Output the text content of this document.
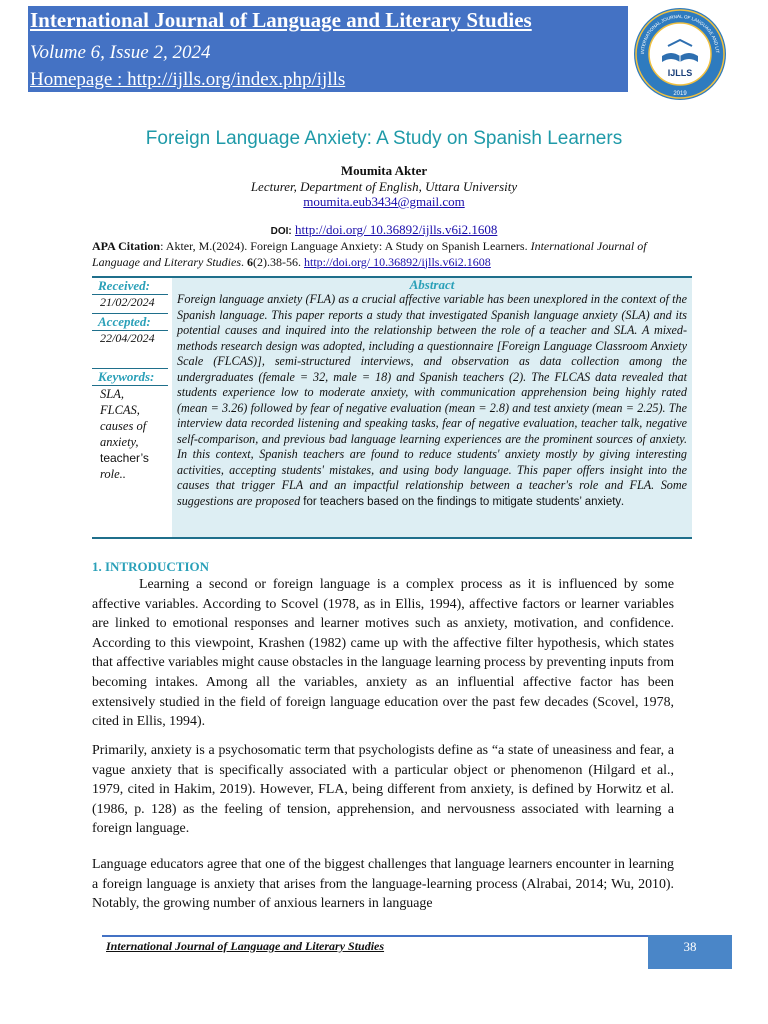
International Journal of Language and Literary Studies
Volume 6, Issue 2, 2024
Homepage : http://ijlls.org/index.php/ijlls	IJLLS
2019
INTERNATIONAL JOURNAL OF LANGUAGE AND LIT
Foreign Language Anxiety: A Study on Spanish Learners
Moumita Akter
Lecturer, Department of English, Uttara University
moumita.eub3434@gmail.com
DOI: http://doi.org/ 10.36892/ijlls.v6i2.1608
APA Citation: Akter, M.(2024). Foreign Language Anxiety: A Study on Spanish Learners. International Journal of Language and Literary Studies. 6(2).38-56. http://doi.org/ 10.36892/ijlls.v6i2.1608
Received:
21/02/2024
Accepted:
22/04/2024
Keywords:
SLA,
FLCAS,
causes of
anxiety,
teacher’s
role..
Abstract
Foreign language anxiety (FLA) as a crucial affective variable has been unexplored in the context of the Spanish language. This paper reports a study that investigated Spanish language anxiety (SLA) and its potential causes and inquired into the relationship between the role of a teacher and SLA. A mixed-methods research design was adopted, including a questionnaire [Foreign Language Classroom Anxiety Scale (FLCAS)], semi-structured interviews, and observation as data collection among the undergraduates (female = 32, male = 18) and Spanish teachers (2). The FLCAS data revealed that students experience low to moderate anxiety, with communication apprehension being highly rated (mean = 3.26) followed by fear of negative evaluation (mean = 2.8) and test anxiety (mean = 2.25). The interview data recorded listening and speaking tasks, fear of negative evaluation, teacher talk, negative self-comparison, and previous bad language learning experiences are the prominent sources of anxiety. In this context, Spanish teachers are found to reduce students' anxiety mostly by giving interesting activities, accepting students' mistakes, and using body language. This paper offers insight into the causes that trigger FLA and an impactful relationship between a teacher's role and FLA. Some suggestions are proposed for teachers based on the findings to mitigate students’ anxiety.
1. INTRODUCTION
Learning a second or foreign language is a complex process as it is influenced by some affective variables. According to Scovel (1978, as in Ellis, 1994), affective factors or learner variables are linked to emotional responses and learner motives such as anxiety, motivation, and confidence. According to this viewpoint, Krashen (1982) came up with the affective filter hypothesis, which states that affective variables might cause obstacles in the language learning process by preventing inputs from becoming intakes. Among all the variables, anxiety as an influential affective factor has been extensively studied in the field of foreign language education over the past few decades (Scovel, 1978, cited in Ellis, 1994).
Primarily, anxiety is a psychosomatic term that psychologists define as “a state of uneasiness and fear, a vague anxiety that is specifically associated with a particular object or phenomenon (Hilgard et al., 1979, cited in Hakim, 2019). However, FLA, being different from anxiety, is defined by Horwitz et al. (1986, p. 128) as the feeling of tension, apprehension, and nervousness associated with learning a foreign language.
Language educators agree that one of the biggest challenges that language learners encounter in learning a foreign language is anxiety that arises from the language-learning process (Alrabai, 2014; Wu, 2010). Notably, the growing number of anxious learners in language
International Journal of Language and Literary Studies	38
